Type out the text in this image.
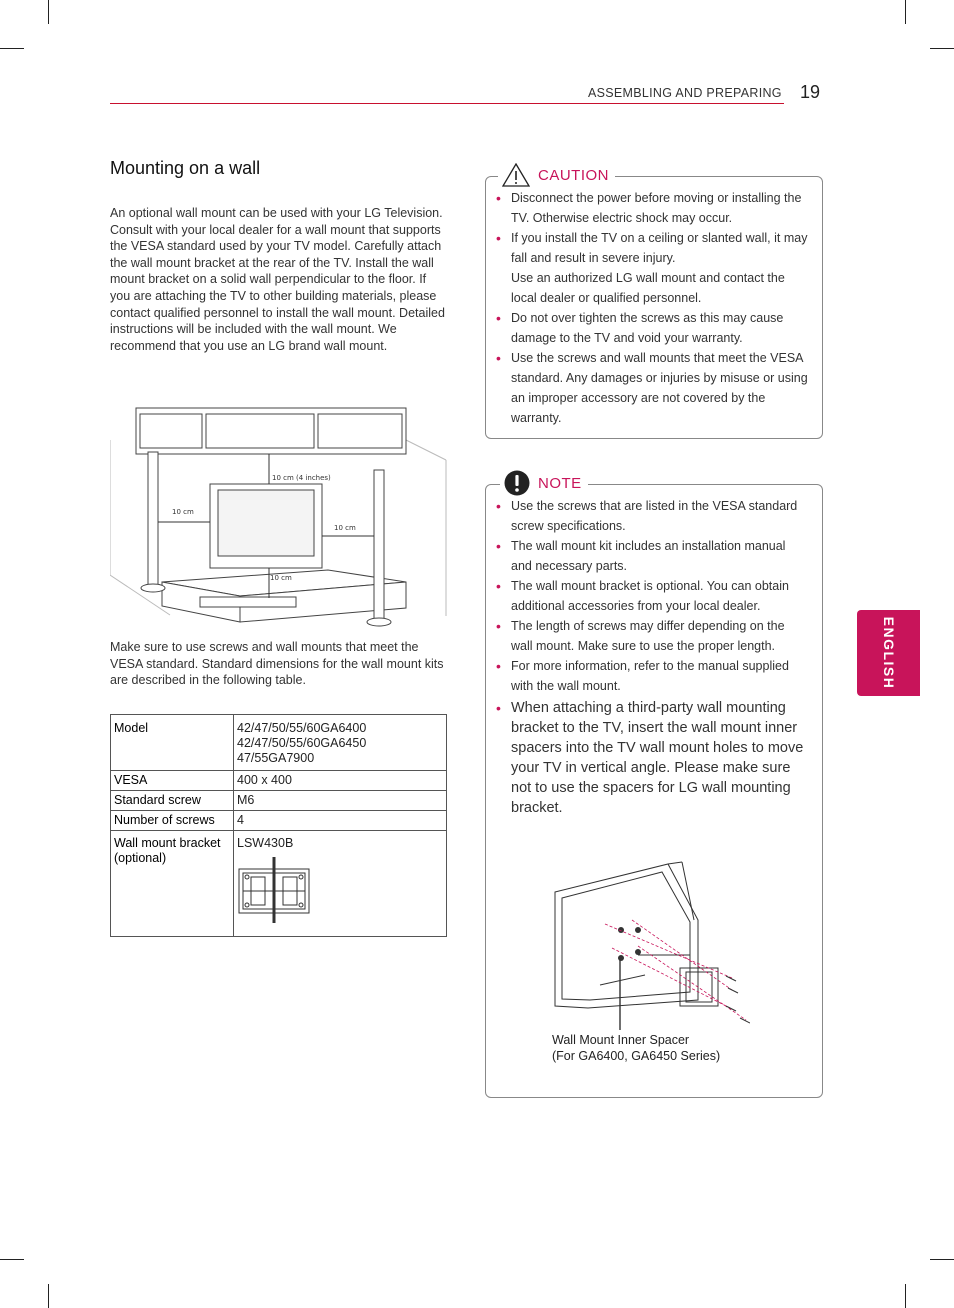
ASSEMBLING AND PREPARING 19
ENGLISH
Mounting on a wall

An optional wall mount can be used with your LG Television. Consult with your local dealer for a wall mount that supports the VESA standard used by your TV model. Carefully attach the wall mount bracket at the rear of the TV. Install the wall mount bracket on a solid wall perpendicular to the floor. If you are attaching the TV to other building materials, please contact qualified personnel to install the wall mount. Detailed instructions will be included with the wall mount. We recommend that you use an LG brand wall mount.

10 cm (4 inches)
10 cm
10 cm
10 cm

Make sure to use screws and wall mounts that meet the VESA standard. Standard dimensions for the wall mount kits are described in the following table.

Model	42/47/50/55/60GA6400
42/47/50/55/60GA6450
47/55GA7900

VESA	400 x 400
Standard screw	M6
Number of screws	4
Wall mount bracket (optional)	LSW430B
CAUTION
• Disconnect the power before moving or installing the TV. Otherwise electric shock may occur.
• If you install the TV on a ceiling or slanted wall, it may fall and result in severe injury.
Use an authorized LG wall mount and contact the local dealer or qualified personnel.
• Do not over tighten the screws as this may cause damage to the TV and void your warranty.
• Use the screws and wall mounts that meet the VESA standard. Any damages or injuries by misuse or using an improper accessory are not covered by the warranty.
NOTE
• Use the screws that are listed in the VESA standard screw specifications.
• The wall mount kit includes an installation manual and necessary parts.
• The wall mount bracket is optional. You can obtain additional accessories from your local dealer.
• The length of screws may differ depending on the wall mount. Make sure to use the proper length.
• For more information, refer to the manual supplied with the wall mount.
• When attaching a third-party wall mounting bracket to the TV, insert the wall mount inner spacers into the TV wall mount holes to move your TV in vertical angle. Please make sure not to use the spacers for LG wall mounting bracket.
Wall Mount Inner Spacer
(For GA6400, GA6450 Series)
